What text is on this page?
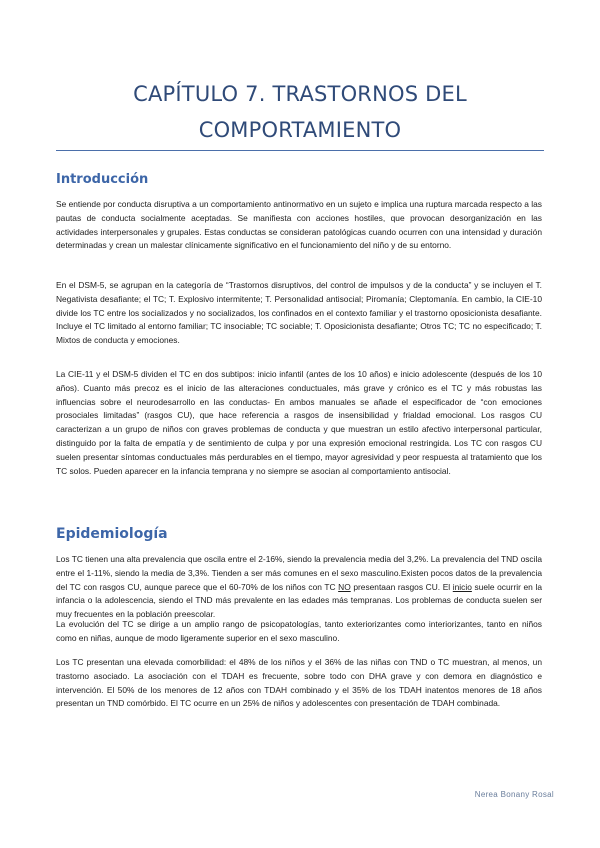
CAPÍTULO 7. TRASTORNOS DEL
COMPORTAMIENTO
Introducción

Se entiende por conducta disruptiva a un comportamiento antinormativo en un sujeto e implica una ruptura marcada respecto a las pautas de conducta socialmente aceptadas. Se manifiesta con acciones hostiles, que provocan desorganización en las actividades interpersonales y grupales. Estas conductas se consideran patológicas cuando ocurren con una intensidad y duración determinadas y crean un malestar clínicamente significativo en el funcionamiento del niño y de su entorno.

En el DSM-5, se agrupan en la categoría de “Trastornos disruptivos, del control de impulsos y de la conducta” y se incluyen el T. Negativista desafiante; el TC; T. Explosivo intermitente; T. Personalidad antisocial; Piromanía; Cleptomanía. En cambio, la CIE-10 divide los TC entre los socializados y no socializados, los confinados en el contexto familiar y el trastorno oposicionista desafiante. Incluye el TC limitado al entorno familiar; TC insociable; TC sociable; T. Oposicionista desafiante; Otros TC; TC no especificado; T. Mixtos de conducta y emociones.

La CIE-11 y el DSM-5 dividen el TC en dos subtipos: inicio infantil (antes de los 10 años) e inicio adolescente (después de los 10 años). Cuanto más precoz es el inicio de las alteraciones conductuales, más grave y crónico es el TC y más robustas las influencias sobre el neurodesarrollo en las conductas- En ambos manuales se añade el especificador de “con emociones prosociales limitadas” (rasgos CU), que hace referencia a rasgos de insensibilidad y frialdad emocional. Los rasgos CU caracterizan a un grupo de niños con graves problemas de conducta y que muestran un estilo afectivo interpersonal particular, distinguido por la falta de empatía y de sentimiento de culpa y por una expresión emocional restringida. Los TC con rasgos CU suelen presentar síntomas conductuales más perdurables en el tiempo, mayor agresividad y peor respuesta al tratamiento que los TC solos. Pueden aparecer en la infancia temprana y no siempre se asocian al comportamiento antisocial.

Epidemiología

Los TC tienen una alta prevalencia que oscila entre el 2-16%, siendo la prevalencia media del 3,2%. La prevalencia del TND oscila entre el 1-11%, siendo la media de 3,3%. Tienden a ser más comunes en el sexo masculino.Existen pocos datos de la prevalencia del TC con rasgos CU, aunque parece que el 60-70% de los niños con TC NO presentaan rasgos CU. El inicio suele ocurrir en la infancia o la adolescencia, siendo el TND más prevalente en las edades más tempranas. Los problemas de conducta suelen ser muy frecuentes en la población preescolar.

La evolución del TC se dirige a un amplio rango de psicopatologías, tanto exteriorizantes como interiorizantes, tanto en niños como en niñas, aunque de modo ligeramente superior en el sexo masculino.

Los TC presentan una elevada comorbilidad: el 48% de los niños y el 36% de las niñas con TND o TC muestran, al menos, un trastorno asociado. La asociación con el TDAH es frecuente, sobre todo con DHA grave y con demora en diagnóstico e intervención. El 50% de los menores de 12 años con TDAH combinado y el 35% de los TDAH inatentos menores de 18 años presentan un TND comórbido. El TC ocurre en un 25% de niños y adolescentes con presentación de TDAH combinada.

Nerea Bonany Rosal
